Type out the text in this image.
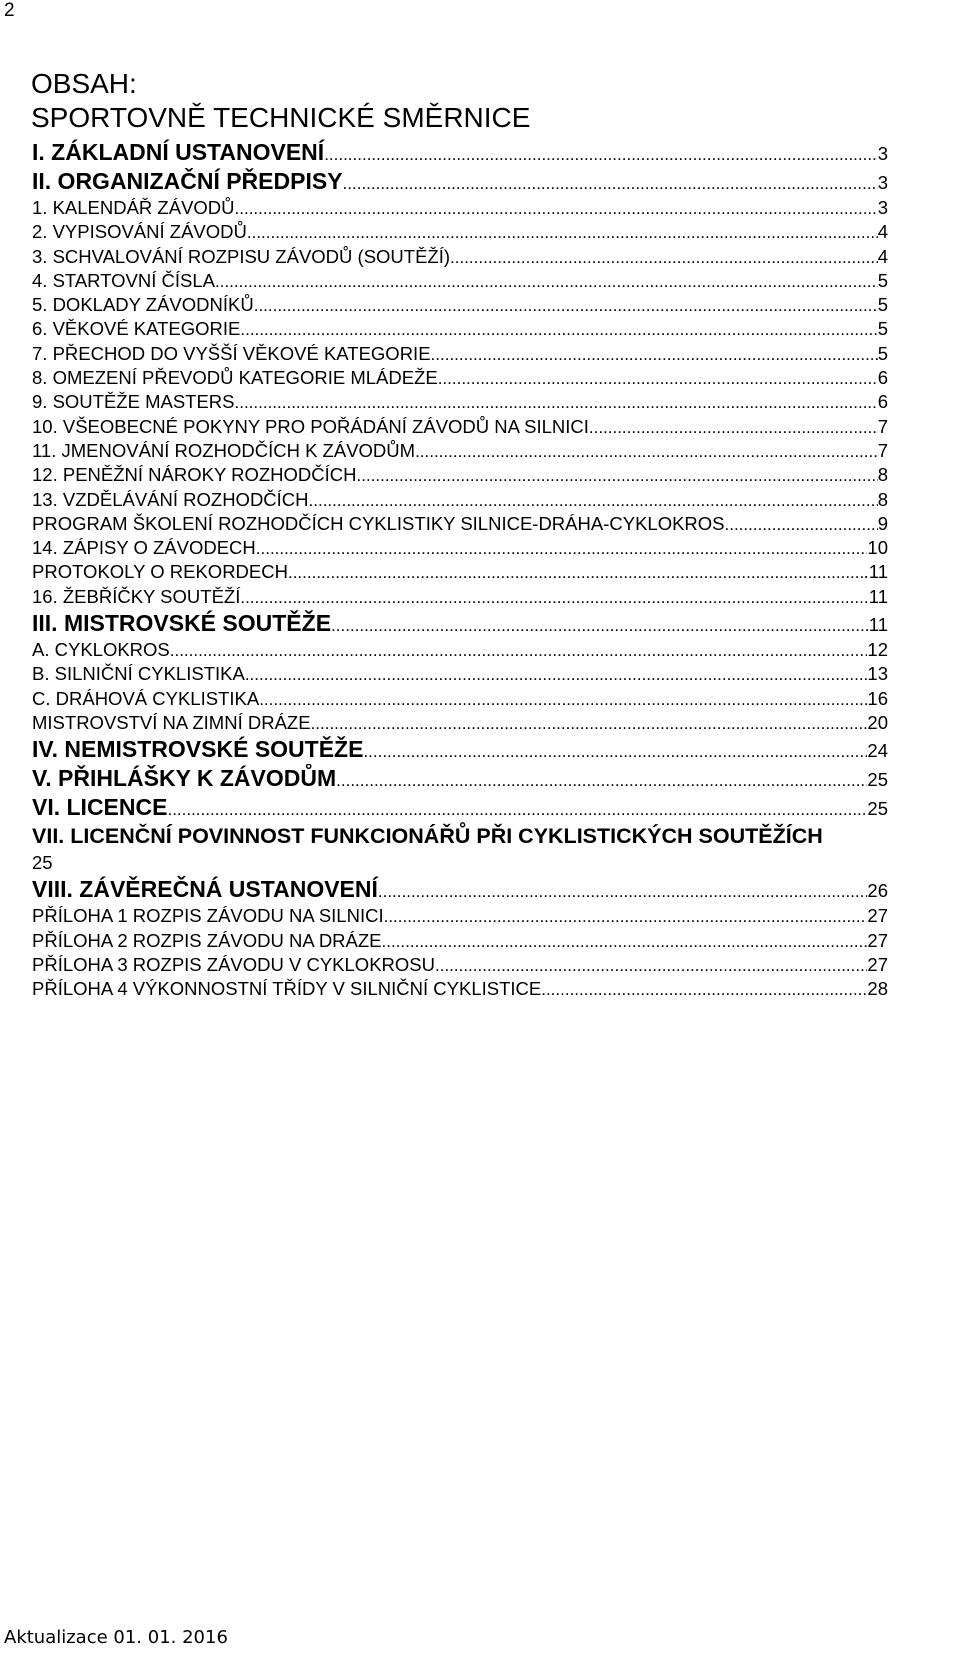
2
OBSAH:
SPORTOVNĚ TECHNICKÉ SMĚRNICE
I. ZÁKLADNÍ USTANOVENÍ .....	3
II. ORGANIZAČNÍ PŘEDPISY .....	3
1. KALENDÁŘ ZÁVODŮ .....	3
2. VYPISOVÁNÍ ZÁVODŮ .....	4
3. SCHVALOVÁNÍ ROZPISU ZÁVODŮ (SOUTĚŽÍ) .....	4
4. STARTOVNÍ ČÍSLA .....	5
5. DOKLADY ZÁVODNÍKŮ .....	5
6. VĚKOVÉ KATEGORIE .....	5
7. PŘECHOD DO VYŠŠÍ VĚKOVÉ KATEGORIE .....	5
8. OMEZENÍ PŘEVODŮ KATEGORIE MLÁDEŽE .....	6
9. SOUTĚŽE MASTERS .....	6
10. VŠEOBECNÉ POKYNY PRO POŘÁDÁNÍ ZÁVODŮ NA SILNICI .....	7
11. JMENOVÁNÍ ROZHODČÍCH K ZÁVODŮM .....	7
12. PENĚŽNÍ NÁROKY ROZHODČÍCH .....	8
13. VZDĚLÁVÁNÍ ROZHODČÍCH .....	8
PROGRAM ŠKOLENÍ ROZHODČÍCH CYKLISTIKY SILNICE-DRÁHA-CYKLOKROS .....	9
14. ZÁPISY O ZÁVODECH .....	10
PROTOKOLY O REKORDECH .....	.11
16. ŽEBŘÍČKY SOUTĚŽÍ .....	11
III. MISTROVSKÉ SOUTĚŽE .....	11
A. CYKLOKROS .....	12
B. SILNIČNÍ CYKLISTIKA .....	13
C. DRÁHOVÁ CYKLISTIKA .....	16
MISTROVSTVÍ NA ZIMNÍ DRÁZE .....	20
IV. NEMISTROVSKÉ SOUTĚŽE .....	24
V. PŘIHLÁŠKY K ZÁVODŮM .....	25
VI. LICENCE .....	25
VII. LICENČNÍ POVINNOST FUNKCIONÁŘŮ PŘI CYKLISTICKÝCH SOUTĚŽÍCH
25
VIII. ZÁVĚREČNÁ USTANOVENÍ .....	26
PŘÍLOHA 1 ROZPIS ZÁVODU NA SILNICI .....	27
PŘÍLOHA 2 ROZPIS ZÁVODU NA DRÁZE .....	27
PŘÍLOHA 3 ROZPIS ZÁVODU V CYKLOKROSU .....	27
PŘÍLOHA 4 VÝKONNOSTNÍ TŘÍDY V SILNIČNÍ CYKLISTICE .....	28
Aktualizace 01. 01. 2016
